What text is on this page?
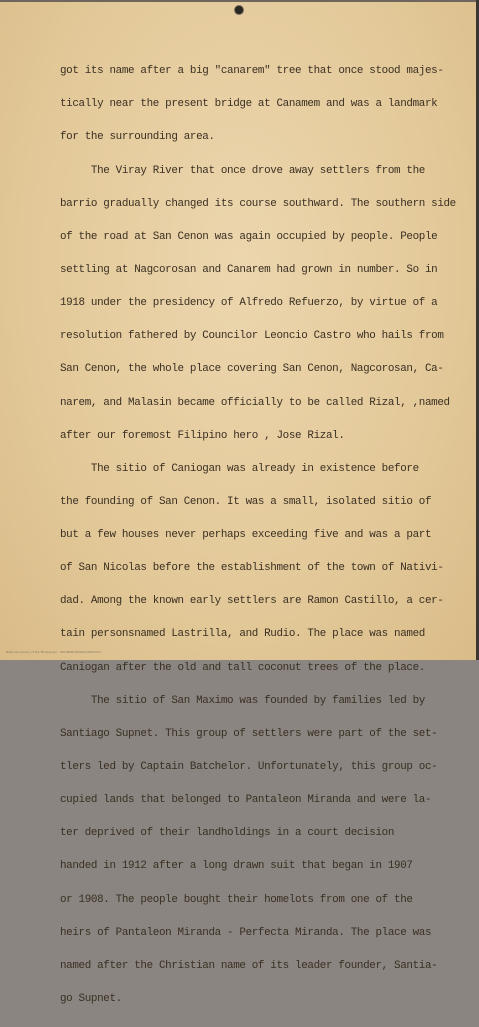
got its name after a big "canarem" tree that once stood majes-

tically near the present bridge at Canamem and was a landmark

for the surrounding area.

The Viray River that once drove away settlers from the

barrio gradually changed its course southward. The southern side

of the road at San Cenon was again occupied by people. People

settling at Nagcorosan and Canarem had grown in number. So in

1918 under the presidency of Alfredo Refuerzo, by virtue of a

resolution fathered by Councilor Leoncio Castro who hails from

San Cenon, the whole place covering San Cenon, Nagcorosan, Ca-

narem, and Malasin became officially to be called Rizal, ,named

after our foremost Filipino hero , Jose Rizal.

The sitio of Caniogan was already in existence before

the founding of San Cenon. It was a small, isolated sitio of

but a few houses never perhaps exceeding five and was a part

of San Nicolas before the establishment of the town of Nativi-

dad. Among the known early settlers are Ramon Castillo, a cer-

tain personsnamed Lastrilla, and Rudio. The place was named

Caniogan after the old and tall coconut trees of the place.

The sitio of San Maximo was founded by families led by

Santiago Supnet. This group of settlers were part of the set-

tlers led by Captain Batchelor. Unfortunately, this group oc-

cupied lands that belonged to Pantaleon Miranda and were la-

ter deprived of their landholdings in a court decision

handed in 1912 after a long drawn suit that began in 1907

or 1908. The people bought their homelots from one of the

heirs of Pantaleon Miranda - Perfecta Miranda. The place was

named after the Christian name of its leader founder, Santia-

go Supnet.

National Library of the Philippines - HDOPNMUN00001AMOG0.0
